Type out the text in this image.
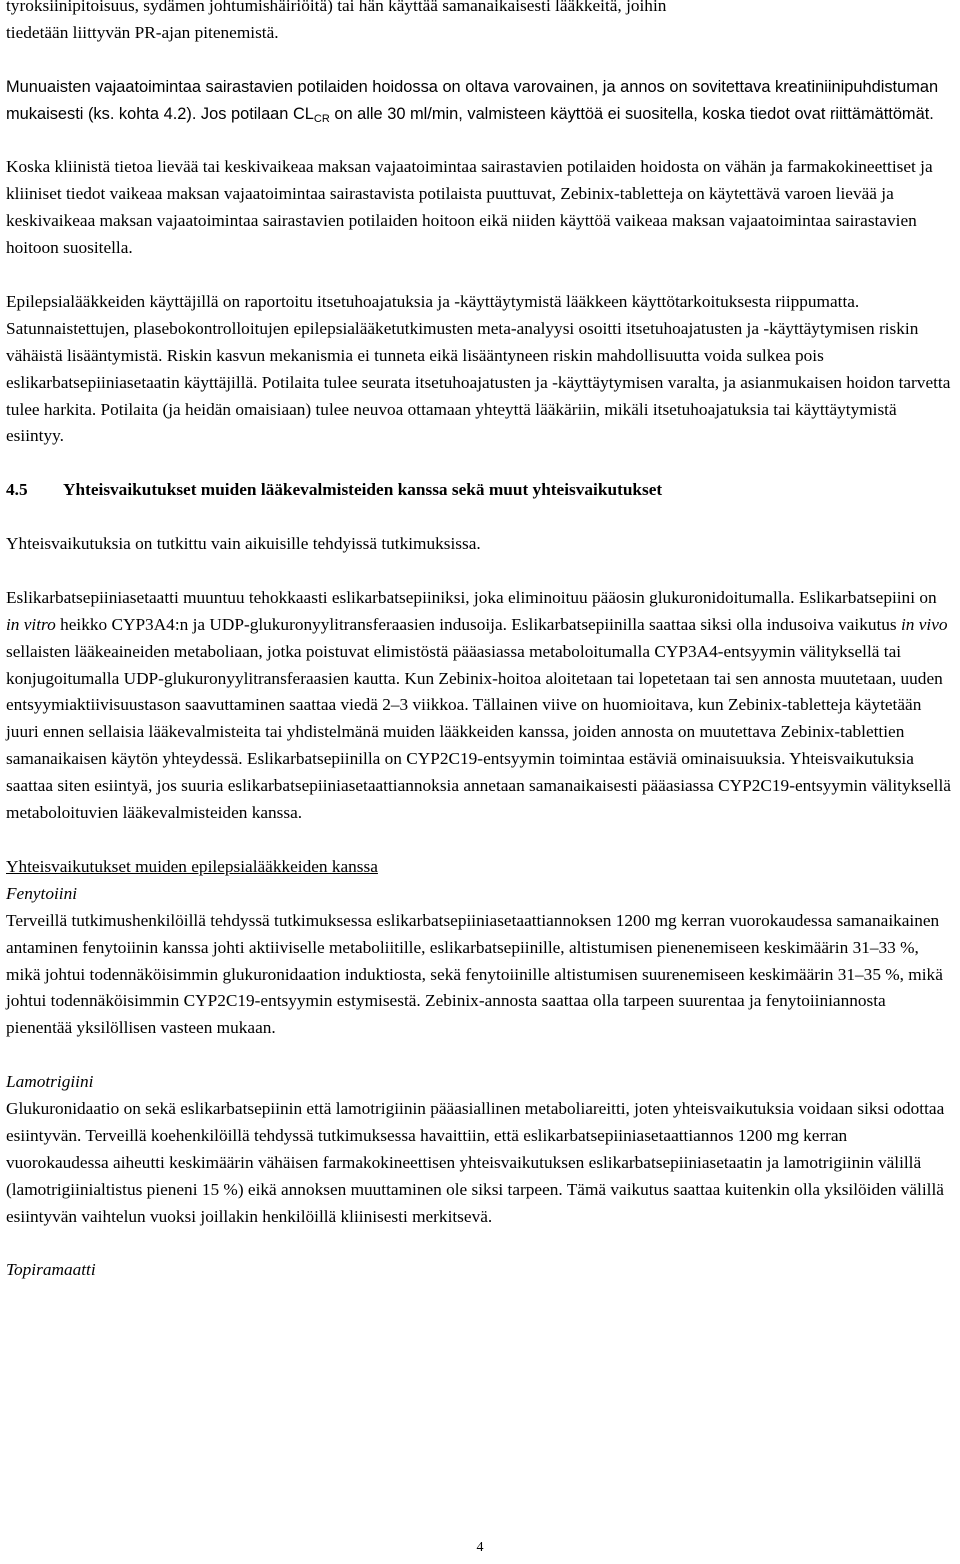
tyroksiinipitoisuus, sydämen johtumishäiriöitä) tai hän käyttää samanaikaisesti lääkkeitä, joihin

tiedetään liittyvän PR-ajan pitenemistä.

Munuaisten vajaatoimintaa sairastavien potilaiden hoidossa on oltava varovainen, ja annos on sovitettava kreatiniinipuhdistuman mukaisesti (ks. kohta 4.2). Jos potilaan $CL_{CR}$ on alle 30 ml/min, valmisteen käyttöä ei suositella, koska tiedot ovat riittämättömät.

Koska kliinistä tietoa lievää tai keskivaikeaa maksan vajaatoimintaa sairastavien potilaiden hoidosta on vähän ja farmakokineettiset ja kliiniset tiedot vaikeaa maksan vajaatoimintaa sairastavista potilaista puuttuvat, Zebinix-tabletteja on käytettävä varoen lievää ja keskivaikeaa maksan vajaatoimintaa sairastavien potilaiden hoitoon eikä niiden käyttöä vaikeaa maksan vajaatoimintaa sairastavien hoitoon suositella.

Epilepsialääkkeiden käyttäjillä on raportoitu itsetuhoajatuksia ja -käyttäytymistä lääkkeen käyttötarkoituksesta riippumatta. Satunnaistettujen, plasebokontrolloitujen epilepsialääketutkimusten meta-analyysi osoitti itsetuhoajatusten ja -käyttäytymisen riskin vähäistä lisääntymistä. Riskin kasvun mekanismia ei tunneta eikä lisääntyneen riskin mahdollisuutta voida sulkea pois eslikarbatsepiiniasetaatin käyttäjillä. Potilaita tulee seurata itsetuhoajatusten ja -käyttäytymisen varalta, ja asianmukaisen hoidon tarvetta tulee harkita. Potilaita (ja heidän omaisiaan) tulee neuvoa ottamaan yhteyttä lääkäriin, mikäli itsetuhoajatuksia tai käyttäytymistä esiintyy.

4.5	Yhteisvaikutukset muiden lääkevalmisteiden kanssa sekä muut yhteisvaikutukset

Yhteisvaikutuksia on tutkittu vain aikuisille tehdyissä tutkimuksissa.

Eslikarbatsepiiniasetaatti muuntuu tehokkaasti eslikarbatsepiiniksi, joka eliminoituu pääosin glukuronidoitumalla. Eslikarbatsepiini on in vitro heikko CYP3A4:n ja UDP-glukuronyylitransferaasien indusoija. Eslikarbatsepiinilla saattaa siksi olla indusoiva vaikutus in vivo sellaisten lääkeaineiden metaboliaan, jotka poistuvat elimistöstä pääasiassa metaboloitumalla CYP3A4-entsyymin välityksellä tai konjugoitumalla UDP-glukuronyylitransferaasien kautta. Kun Zebinix-hoitoa aloitetaan tai lopetetaan tai sen annosta muutetaan, uuden entsyymiaktiivisuustason saavuttaminen saattaa viedä 2–3 viikkoa. Tällainen viive on huomioitava, kun Zebinix-tabletteja käytetään juuri ennen sellaisia lääkevalmisteita tai yhdistelmänä muiden lääkkeiden kanssa, joiden annosta on muutettava Zebinix-tablettien samanaikaisen käytön yhteydessä. Eslikarbatsepiinilla on CYP2C19-entsyymin toimintaa estäviä ominaisuuksia. Yhteisvaikutuksia saattaa siten esiintyä, jos suuria eslikarbatsepiiniasetaattiannoksia annetaan samanaikaisesti pääasiassa CYP2C19-entsyymin välityksellä metaboloituvien lääkevalmisteiden kanssa.

Yhteisvaikutukset muiden epilepsialääkkeiden kanssa

Fenytoiini

Terveillä tutkimushenkilöillä tehdyssä tutkimuksessa eslikarbatsepiiniasetaattiannoksen 1200 mg kerran vuorokaudessa samanaikainen antaminen fenytoiinin kanssa johti aktiiviselle metaboliitille, eslikarbatsepiinille, altistumisen pienenemiseen keskimäärin 31–33 %, mikä johtui todennäköisimmin glukuronidaation induktiosta, sekä fenytoiinille altistumisen suurenemiseen keskimäärin 31–35 %, mikä johtui todennäköisimmin CYP2C19-entsyymin estymisestä. Zebinix-annosta saattaa olla tarpeen suurentaa ja fenytoiiniannosta pienentää yksilöllisen vasteen mukaan.

Lamotrigiini

Glukuronidaatio on sekä eslikarbatsepiinin että lamotrigiinin pääasiallinen metaboliareitti, joten yhteisvaikutuksia voidaan siksi odottaa esiintyvän. Terveillä koehenkilöillä tehdyssä tutkimuksessa havaittiin, että eslikarbatsepiiniasetaattiannos 1200 mg kerran vuorokaudessa aiheutti keskimäärin vähäisen farmakokineettisen yhteisvaikutuksen eslikarbatsepiiniasetaatin ja lamotrigiinin välillä (lamotrigiinialtistus pieneni 15 %) eikä annoksen muuttaminen ole siksi tarpeen. Tämä vaikutus saattaa kuitenkin olla yksilöiden välillä esiintyvän vaihtelun vuoksi joillakin henkilöillä kliinisesti merkitsevä.

Topiramaatti

4
